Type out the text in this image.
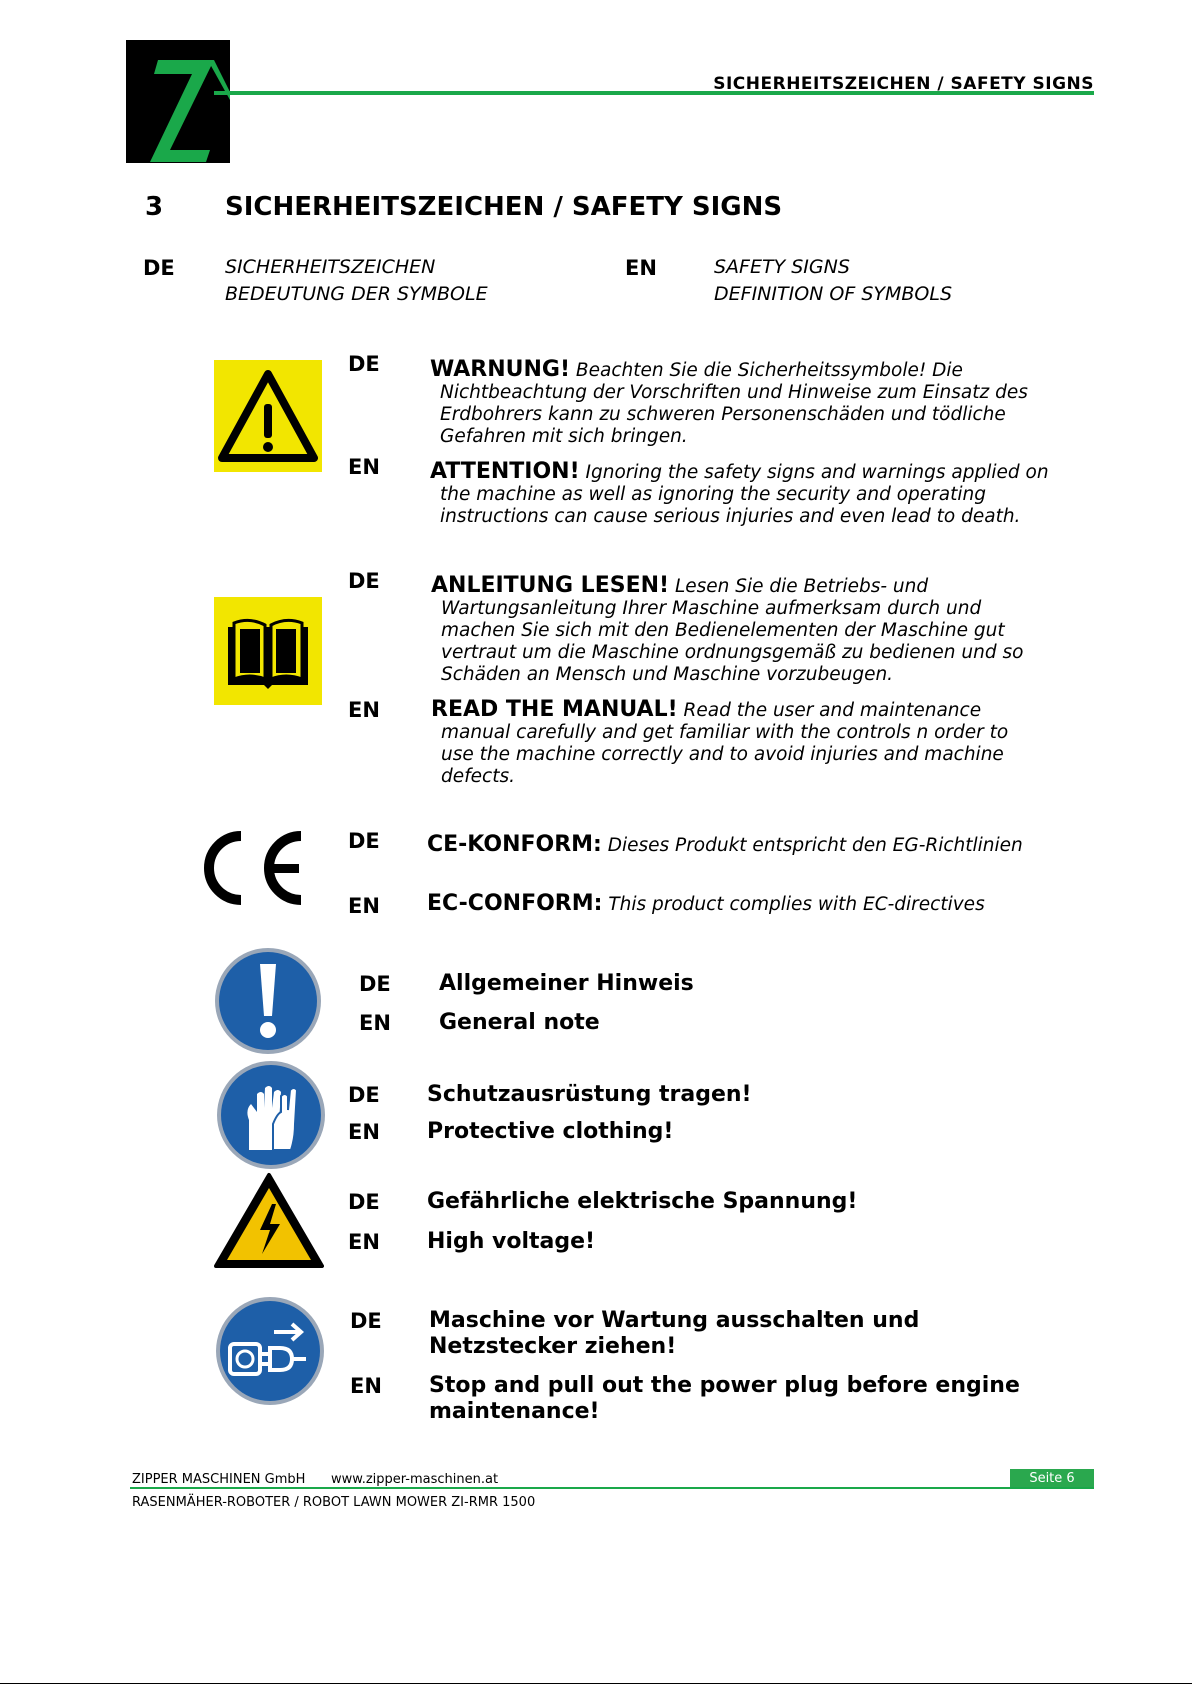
SICHERHEITSZEICHEN / SAFETY SIGNS
3 SICHERHEITSZEICHEN / SAFETY SIGNS
DE	SICHERHEITSZEICHEN
BEDEUTUNG DER SYMBOLE
EN	SAFETY SIGNS
DEFINITION OF SYMBOLS
DE WARNUNG! Beachten Sie die Sicherheitssymbole! Die
Nichtbeachtung der Vorschriften und Hinweise zum Einsatz des
Erdbohrers kann zu schweren Personenschäden und tödliche
Gefahren mit sich bringen.
EN ATTENTION! Ignoring the safety signs and warnings applied on
the machine as well as ignoring the security and operating
instructions can cause serious injuries and even lead to death.
DE ANLEITUNG LESEN! Lesen Sie die Betriebs- und
Wartungsanleitung Ihrer Maschine aufmerksam durch und
machen Sie sich mit den Bedienelementen der Maschine gut
vertraut um die Maschine ordnungsgemäß zu bedienen und so
Schäden an Mensch und Maschine vorzubeugen.
EN READ THE MANUAL! Read the user and maintenance
manual carefully and get familiar with the controls n order to
use the machine correctly and to avoid injuries and machine
defects.
DE CE-KONFORM: Dieses Produkt entspricht den EG-Richtlinien
EN EC-CONFORM: This product complies with EC-directives
DE Allgemeiner Hinweis
EN General note
DE Schutzausrüstung tragen!
EN Protective clothing!
DE Gefährliche elektrische Spannung!
EN High voltage!
DE Maschine vor Wartung ausschalten und
Netzstecker ziehen!
EN Stop and pull out the power plug before engine
maintenance!
ZIPPER MASCHINEN GmbH www.zipper-maschinen.at	Seite 6
RASENMÄHER-ROBOTER / ROBOT LAWN MOWER ZI-RMR 1500
